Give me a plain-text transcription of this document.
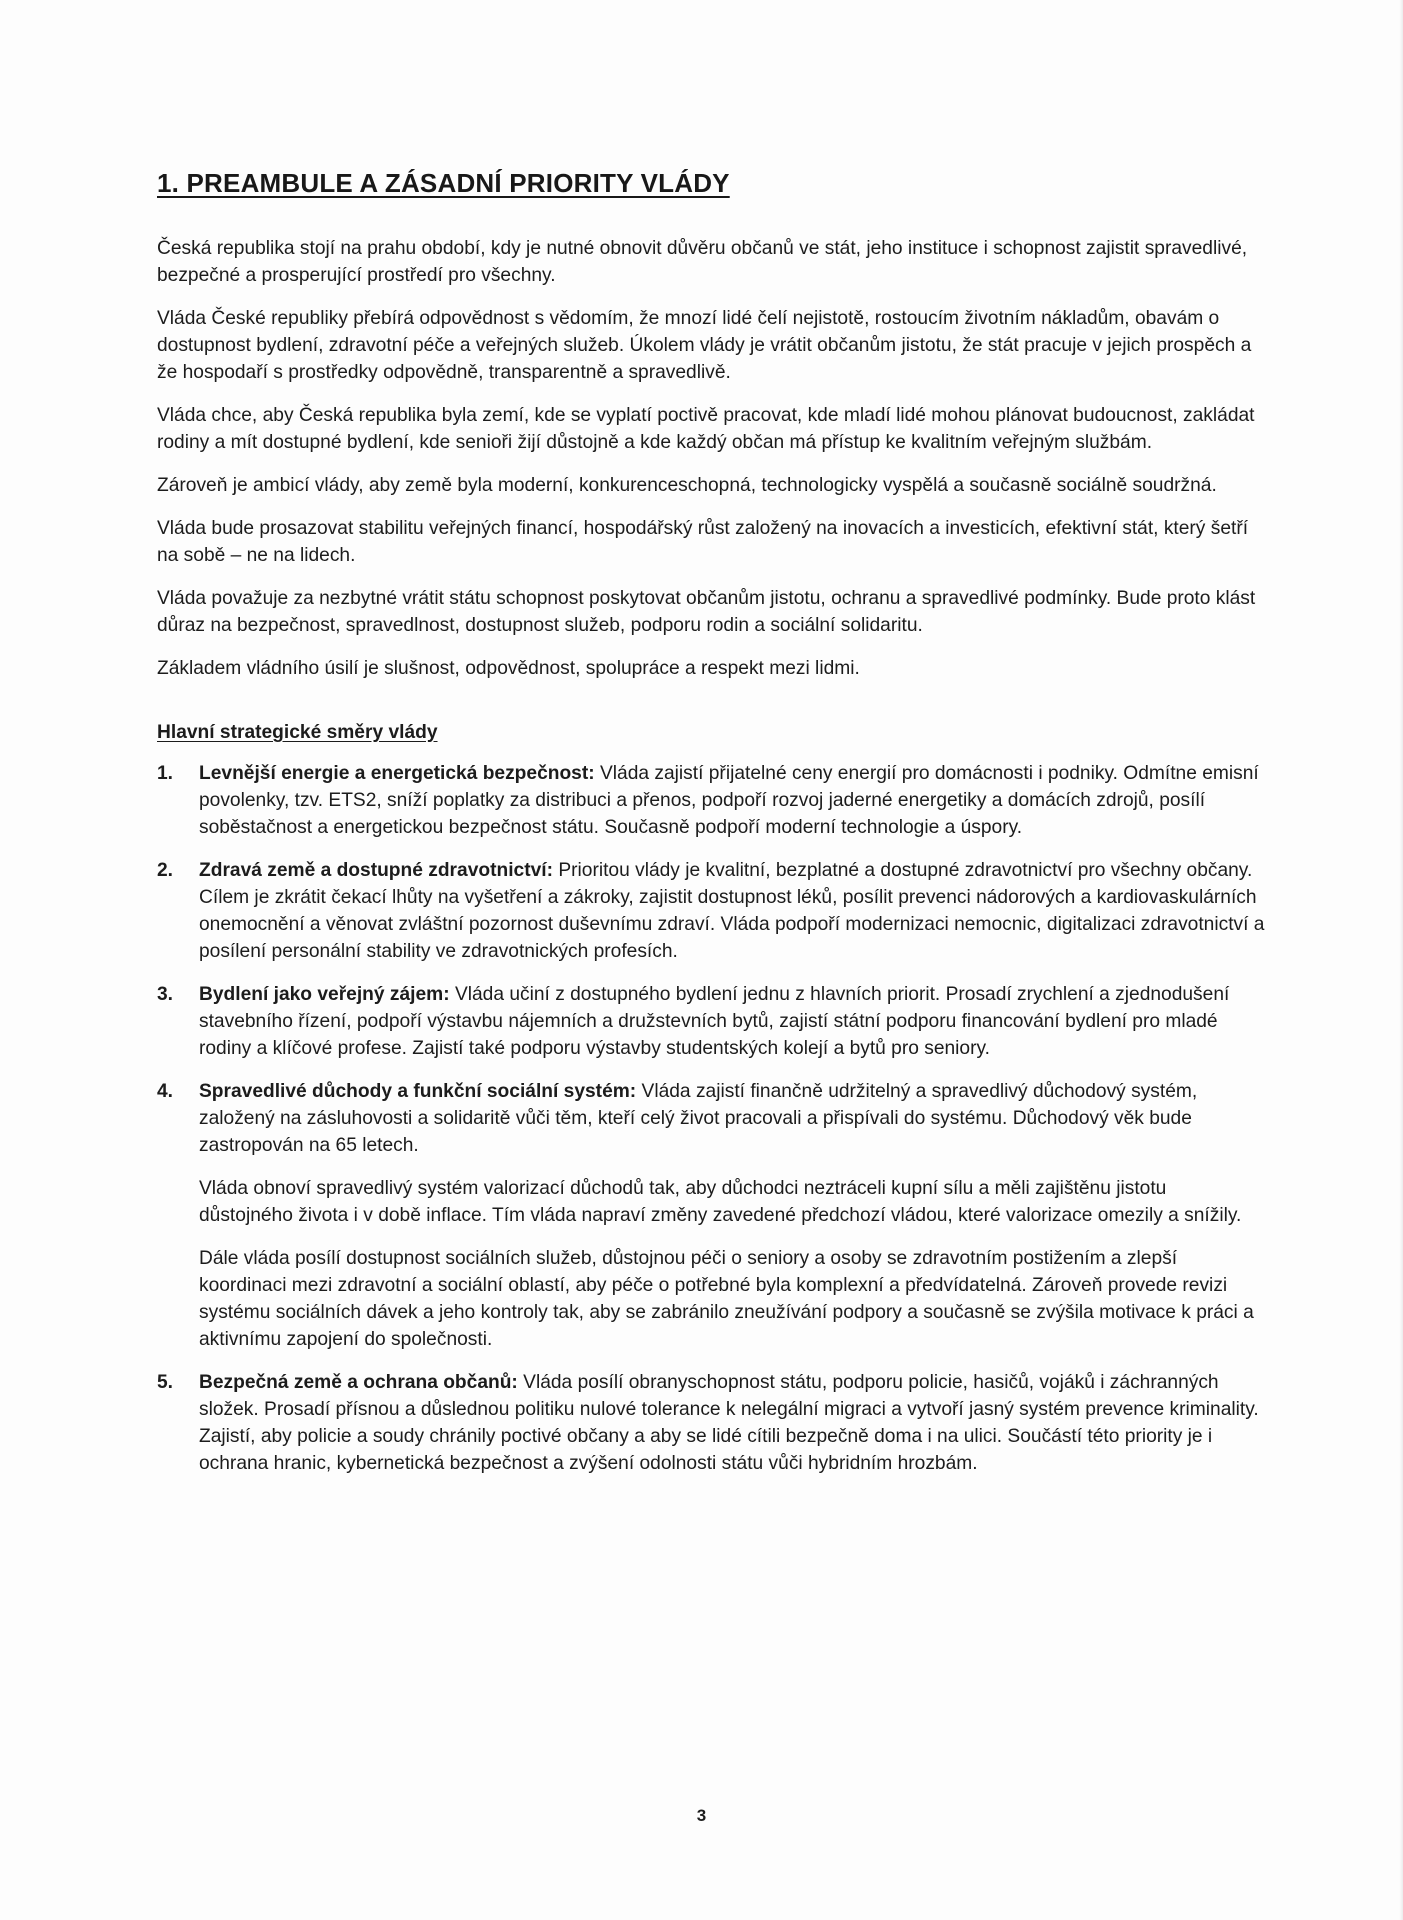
1. PREAMBULE A ZÁSADNÍ PRIORITY VLÁDY

Česká republika stojí na prahu období, kdy je nutné obnovit důvěru občanů ve stát, jeho instituce i schopnost zajistit spravedlivé, bezpečné a prosperující prostředí pro všechny.

Vláda České republiky přebírá odpovědnost s vědomím, že mnozí lidé čelí nejistotě, rostoucím životním nákladům, obavám o dostupnost bydlení, zdravotní péče a veřejných služeb. Úkolem vlády je vrátit občanům jistotu, že stát pracuje v jejich prospěch a že hospodaří s prostředky odpovědně, transparentně a spravedlivě.

Vláda chce, aby Česká republika byla zemí, kde se vyplatí poctivě pracovat, kde mladí lidé mohou plánovat budoucnost, zakládat rodiny a mít dostupné bydlení, kde senioři žijí důstojně a kde každý občan má přístup ke kvalitním veřejným službám.

Zároveň je ambicí vlády, aby země byla moderní, konkurenceschopná, technologicky vyspělá a současně sociálně soudržná.

Vláda bude prosazovat stabilitu veřejných financí, hospodářský růst založený na inovacích a investicích, efektivní stát, který šetří na sobě – ne na lidech.

Vláda považuje za nezbytné vrátit státu schopnost poskytovat občanům jistotu, ochranu a spravedlivé podmínky. Bude proto klást důraz na bezpečnost, spravedlnost, dostupnost služeb, podporu rodin a sociální solidaritu.

Základem vládního úsilí je slušnost, odpovědnost, spolupráce a respekt mezi lidmi.

Hlavní strategické směry vlády
1. Levnější energie a energetická bezpečnost: Vláda zajistí přijatelné ceny energií pro domácnosti i podniky. Odmítne emisní povolenky, tzv. ETS2, sníží poplatky za distribuci a přenos, podpoří rozvoj jaderné energetiky a domácích zdrojů, posílí soběstačnost a energetickou bezpečnost státu. Současně podpoří moderní technologie a úspory.

2. Zdravá země a dostupné zdravotnictví: Prioritou vlády je kvalitní, bezplatné a dostupné zdravotnictví pro všechny občany. Cílem je zkrátit čekací lhůty na vyšetření a zákroky, zajistit dostupnost léků, posílit prevenci nádorových a kardiovaskulárních onemocnění a věnovat zvláštní pozornost duševnímu zdraví. Vláda podpoří modernizaci nemocnic, digitalizaci zdravotnictví a posílení personální stability ve zdravotnických profesích.

3. Bydlení jako veřejný zájem: Vláda učiní z dostupného bydlení jednu z hlavních priorit. Prosadí zrychlení a zjednodušení stavebního řízení, podpoří výstavbu nájemních a družstevních bytů, zajistí státní podporu financování bydlení pro mladé rodiny a klíčové profese. Zajistí také podporu výstavby studentských kolejí a bytů pro seniory.

4. Spravedlivé důchody a funkční sociální systém: Vláda zajistí finančně udržitelný a spravedlivý důchodový systém, založený na zásluhovosti a solidaritě vůči těm, kteří celý život pracovali a přispívali do systému. Důchodový věk bude zastropován na 65 letech.

Vláda obnoví spravedlivý systém valorizací důchodů tak, aby důchodci neztráceli kupní sílu a měli zajištěnu jistotu důstojného života i v době inflace. Tím vláda napraví změny zavedené předchozí vládou, které valorizace omezily a snížily.

Dále vláda posílí dostupnost sociálních služeb, důstojnou péči o seniory a osoby se zdravotním postižením a zlepší koordinaci mezi zdravotní a sociální oblastí, aby péče o potřebné byla komplexní a předvídatelná. Zároveň provede revizi systému sociálních dávek a jeho kontroly tak, aby se zabránilo zneužívání podpory a současně se zvýšila motivace k práci a aktivnímu zapojení do společnosti.

5. Bezpečná země a ochrana občanů: Vláda posílí obranyschopnost státu, podporu policie, hasičů, vojáků i záchranných složek. Prosadí přísnou a důslednou politiku nulové tolerance k nelegální migraci a vytvoří jasný systém prevence kriminality. Zajistí, aby policie a soudy chránily poctivé občany a aby se lidé cítili bezpečně doma i na ulici. Součástí této priority je i ochrana hranic, kybernetická bezpečnost a zvýšení odolnosti státu vůči hybridním hrozbám.

3
